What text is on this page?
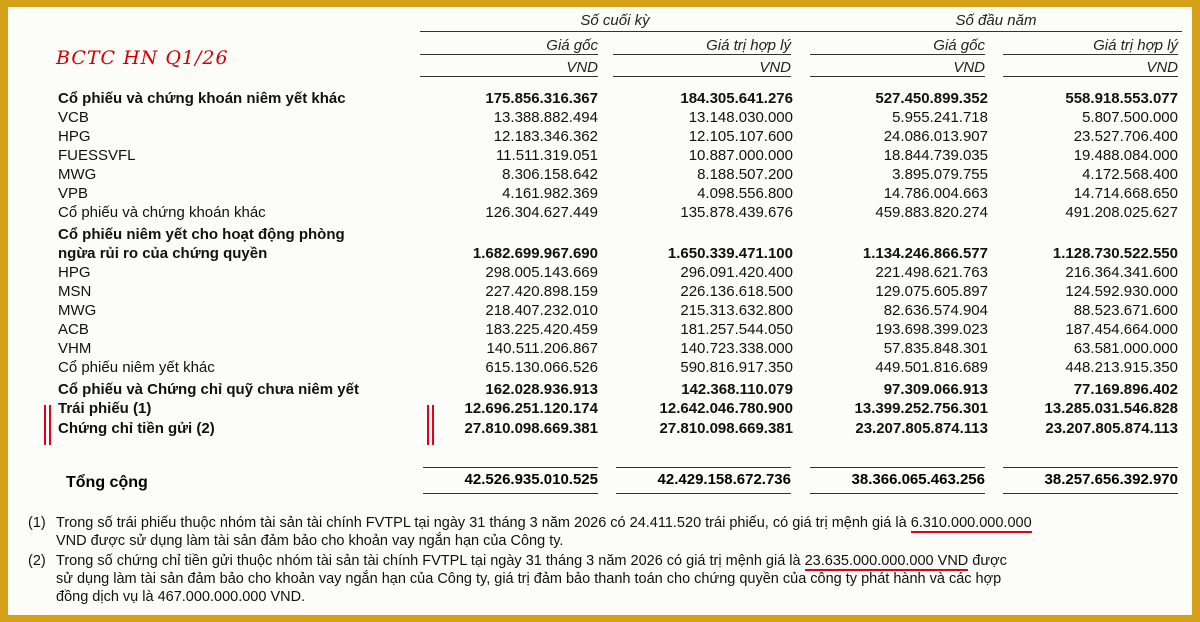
BCTC HN Q1/26
Số cuối kỳ	Số đầu năm
Giá gốc	Giá trị hợp lý	Giá gốc	Giá trị hợp lý
VND	VND	VND	VND
Cổ phiếu và chứng khoán niêm yết khác	175.856.316.367	184.305.641.276	527.450.899.352	558.918.553.077
VCB	13.388.882.494	13.148.030.000	5.955.241.718	5.807.500.000
HPG	12.183.346.362	12.105.107.600	24.086.013.907	23.527.706.400
FUESSVFL	11.511.319.051	10.887.000.000	18.844.739.035	19.488.084.000
MWG	8.306.158.642	8.188.507.200	3.895.079.755	4.172.568.400
VPB	4.161.982.369	4.098.556.800	14.786.004.663	14.714.668.650
Cổ phiếu và chứng khoán khác	126.304.627.449	135.878.439.676	459.883.820.274	491.208.025.627
Cổ phiếu niêm yết cho hoạt động phòng
ngừa rủi ro của chứng quyền	1.682.699.967.690	1.650.339.471.100	1.134.246.866.577	1.128.730.522.550
HPG	298.005.143.669	296.091.420.400	221.498.621.763	216.364.341.600
MSN	227.420.898.159	226.136.618.500	129.075.605.897	124.592.930.000
MWG	218.407.232.010	215.313.632.800	82.636.574.904	88.523.671.600
ACB	183.225.420.459	181.257.544.050	193.698.399.023	187.454.664.000
VHM	140.511.206.867	140.723.338.000	57.835.848.301	63.581.000.000
Cổ phiếu niêm yết khác	615.130.066.526	590.816.917.350	449.501.816.689	448.213.915.350
Cổ phiếu và Chứng chỉ quỹ chưa niêm yết	162.028.936.913	142.368.110.079	97.309.066.913	77.169.896.402
Trái phiếu (1)	12.696.251.120.174	12.642.046.780.900	13.399.252.756.301	13.285.031.546.828
Chứng chỉ tiền gửi (2)	27.810.098.669.381	27.810.098.669.381	23.207.805.874.113	23.207.805.874.113
Tổng cộng	42.526.935.010.525	42.429.158.672.736	38.366.065.463.256	38.257.656.392.970
(1) Trong số trái phiếu thuộc nhóm tài sản tài chính FVTPL tại ngày 31 tháng 3 năm 2026 có 24.411.520 trái phiếu, có giá trị mệnh giá là 6.310.000.000.000
VND được sử dụng làm tài sản đảm bảo cho khoản vay ngắn hạn của Công ty.
(2) Trong số chứng chỉ tiền gửi thuộc nhóm tài sản tài chính FVTPL tại ngày 31 tháng 3 năm 2026 có giá trị mệnh giá là 23.635.000.000.000 VND được
sử dụng làm tài sản đảm bảo cho khoản vay ngắn hạn của Công ty, giá trị đảm bảo thanh toán cho chứng quyền của công ty phát hành và các hợp
đồng dịch vụ là 467.000.000.000 VND.
